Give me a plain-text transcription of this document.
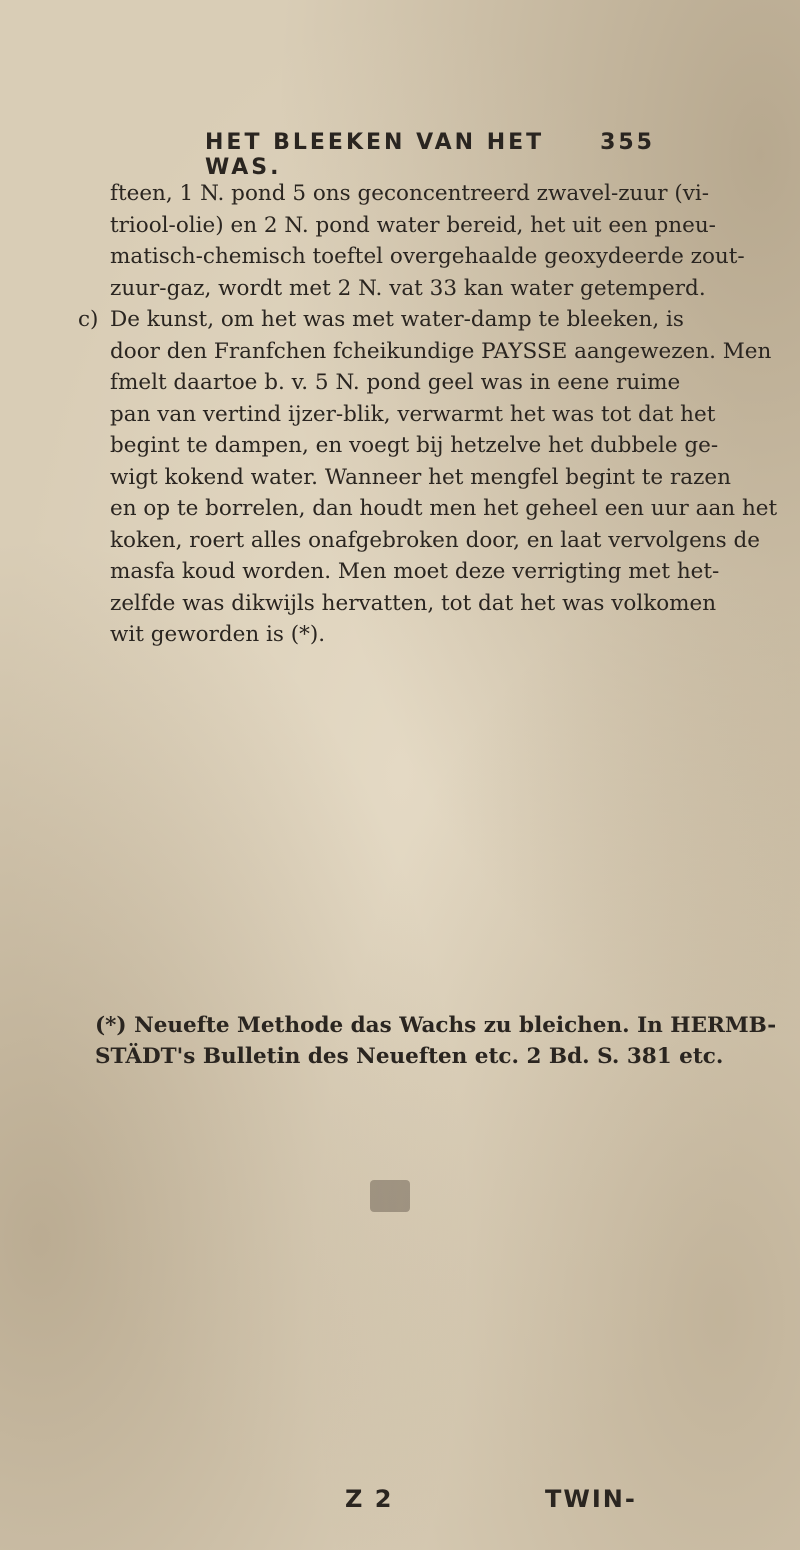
HET BLEEKEN VAN HET WAS.
355
fteen, 1 N. pond 5 ons geconcentreerd zwavel-zuur (vi-
triool-olie) en 2 N. pond water bereid, het uit een pneu-
matisch-chemisch toeftel overgehaalde geoxydeerde zout-
zuur-gaz, wordt met 2 N. vat 33 kan water getemperd.
c) De kunst, om het was met water-damp te bleeken, is
door den Franfchen fcheikundige PAYSSE aangewezen. Men
fmelt daartoe b. v. 5 N. pond geel was in eene ruime
pan van vertind ijzer-blik, verwarmt het was tot dat het
begint te dampen, en voegt bij hetzelve het dubbele ge-
wigt kokend water. Wanneer het mengfel begint te razen
en op te borrelen, dan houdt men het geheel een uur aan het
koken, roert alles onafgebroken door, en laat vervolgens de
masfa koud worden. Men moet deze verrigting met het-
zelfde was dikwijls hervatten, tot dat het was volkomen
wit geworden is (*).
(*) Neuefte Methode das Wachs zu bleichen. In HERMB-
STÄDT's Bulletin des Neueften etc. 2 Bd. S. 381 etc.
Z 2	TWIN-
